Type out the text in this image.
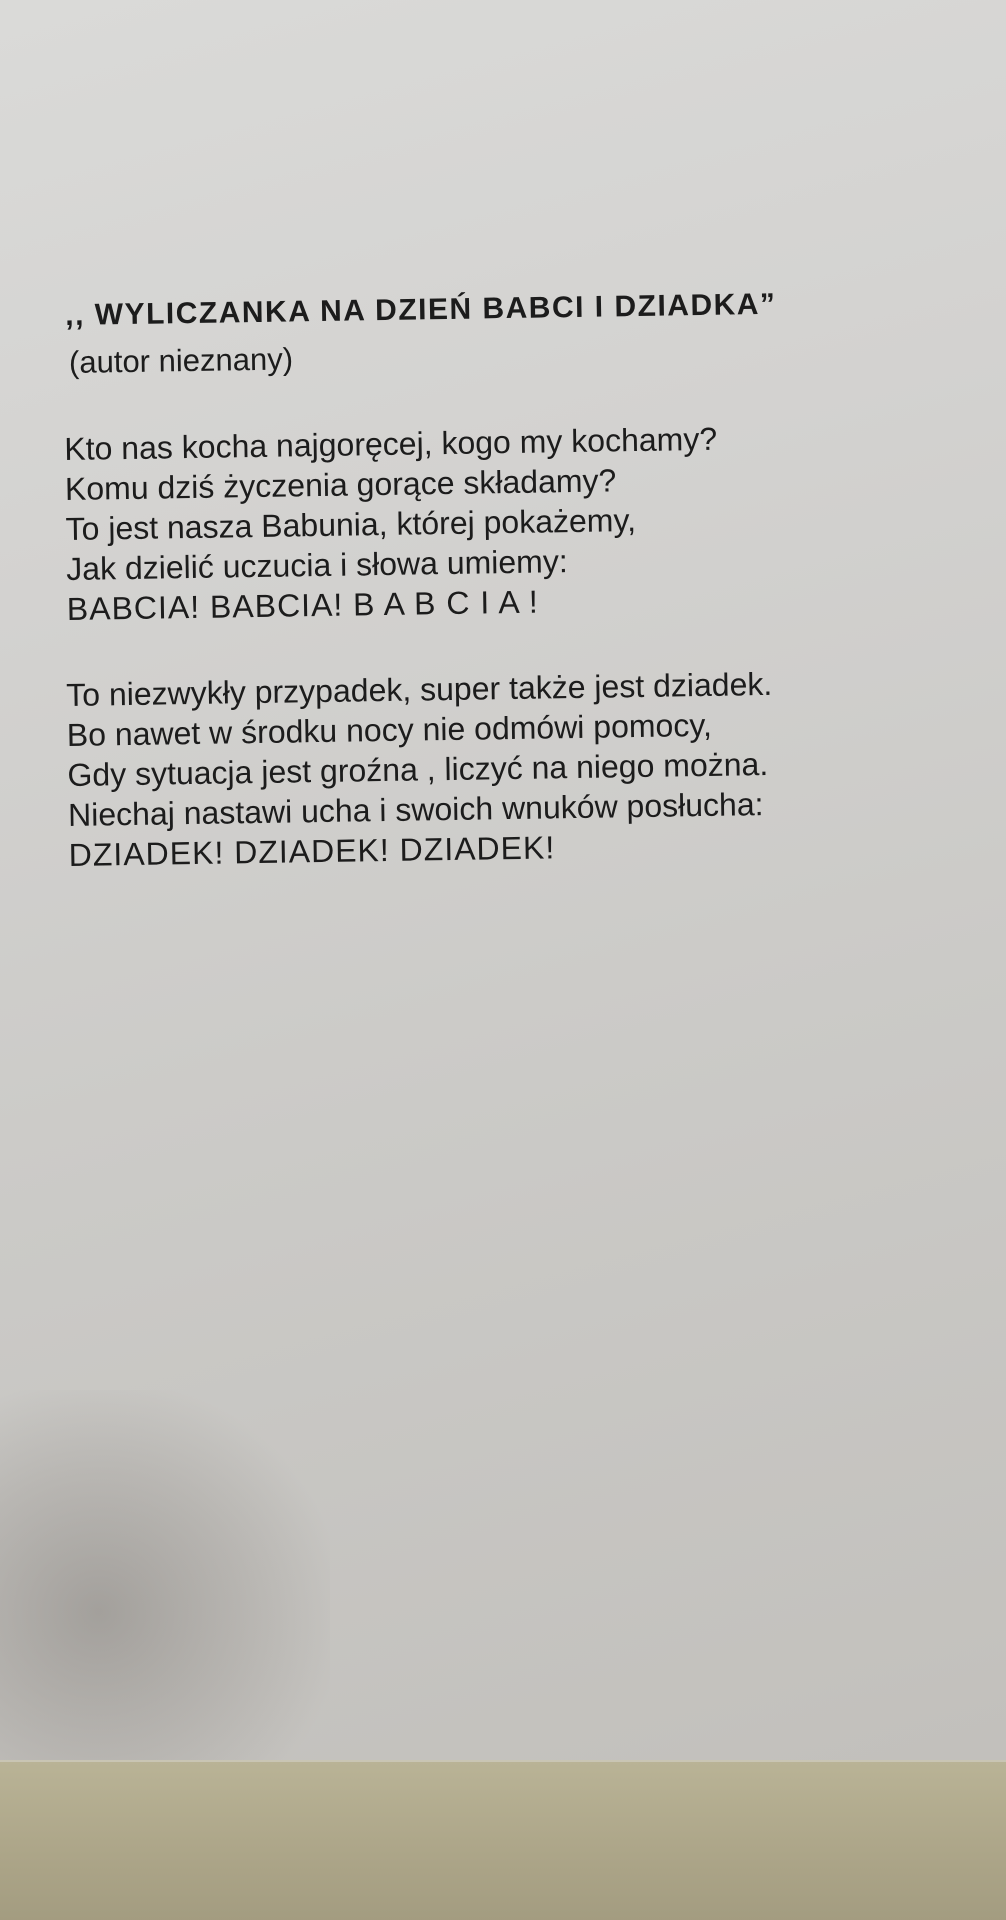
,, WYLICZANKA NA DZIEŃ BABCI I DZIADKA”
(autor nieznany)
Kto nas kocha najgoręcej, kogo my kochamy?
Komu dziś życzenia gorące składamy?
To jest nasza Babunia, której pokażemy,
Jak dzielić uczucia i słowa umiemy:
BABCIA! BABCIA! B A B C I A !
To niezwykły przypadek, super także jest dziadek.
Bo nawet w środku nocy nie odmówi pomocy,
Gdy sytuacja jest groźna , liczyć na niego można.
Niechaj nastawi ucha i swoich wnuków posłucha:
DZIADEK! DZIADEK! DZIADEK!
